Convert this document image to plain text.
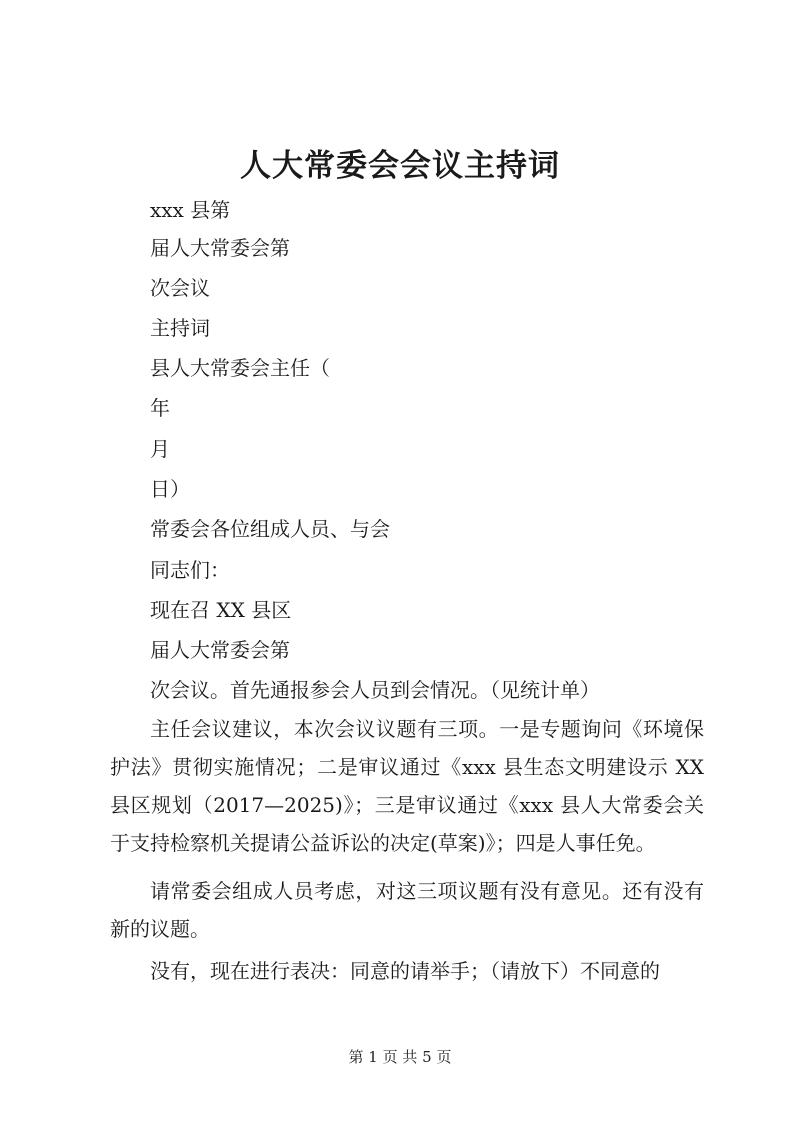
人大常委会会议主持词
xxx 县第
届人大常委会第
次会议
主持词
县人大常委会主任（
年
月
日）
常委会各位组成人员、与会
同志们：
现在召 XX 县区
届人大常委会第
次会议。首先通报参会人员到会情况。（见统计单）
主任会议建议，本次会议议题有三项。一是专题询问《环境保护法》贯彻实施情况；二是审议通过《xxx 县生态文明建设示 XX 县区规划（2017—2025)》；三是审议通过《xxx 县人大常委会关于支持检察机关提请公益诉讼的决定(草案)》；四是人事任免。
请常委会组成人员考虑，对这三项议题有没有意见。还有没有新的议题。
没有，现在进行表决：同意的请举手；（请放下）不同意的
第 1 页 共 5 页
